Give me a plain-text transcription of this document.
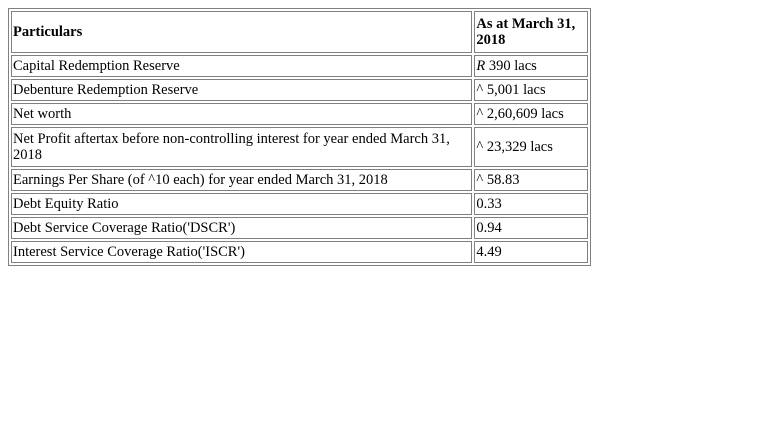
Particulars	As at March 31, 2018
Capital Redemption Reserve	R 390 lacs
Debenture Redemption Reserve	^ 5,001 lacs
Net worth	^ 2,60,609 lacs
Net Profit aftertax before non-controlling interest for year ended March 31, 2018	^ 23,329 lacs
Earnings Per Share (of ^10 each) for year ended March 31, 2018	^ 58.83
Debt Equity Ratio	0.33
Debt Service Coverage Ratio('DSCR')	0.94
Interest Service Coverage Ratio('ISCR')	4.49
